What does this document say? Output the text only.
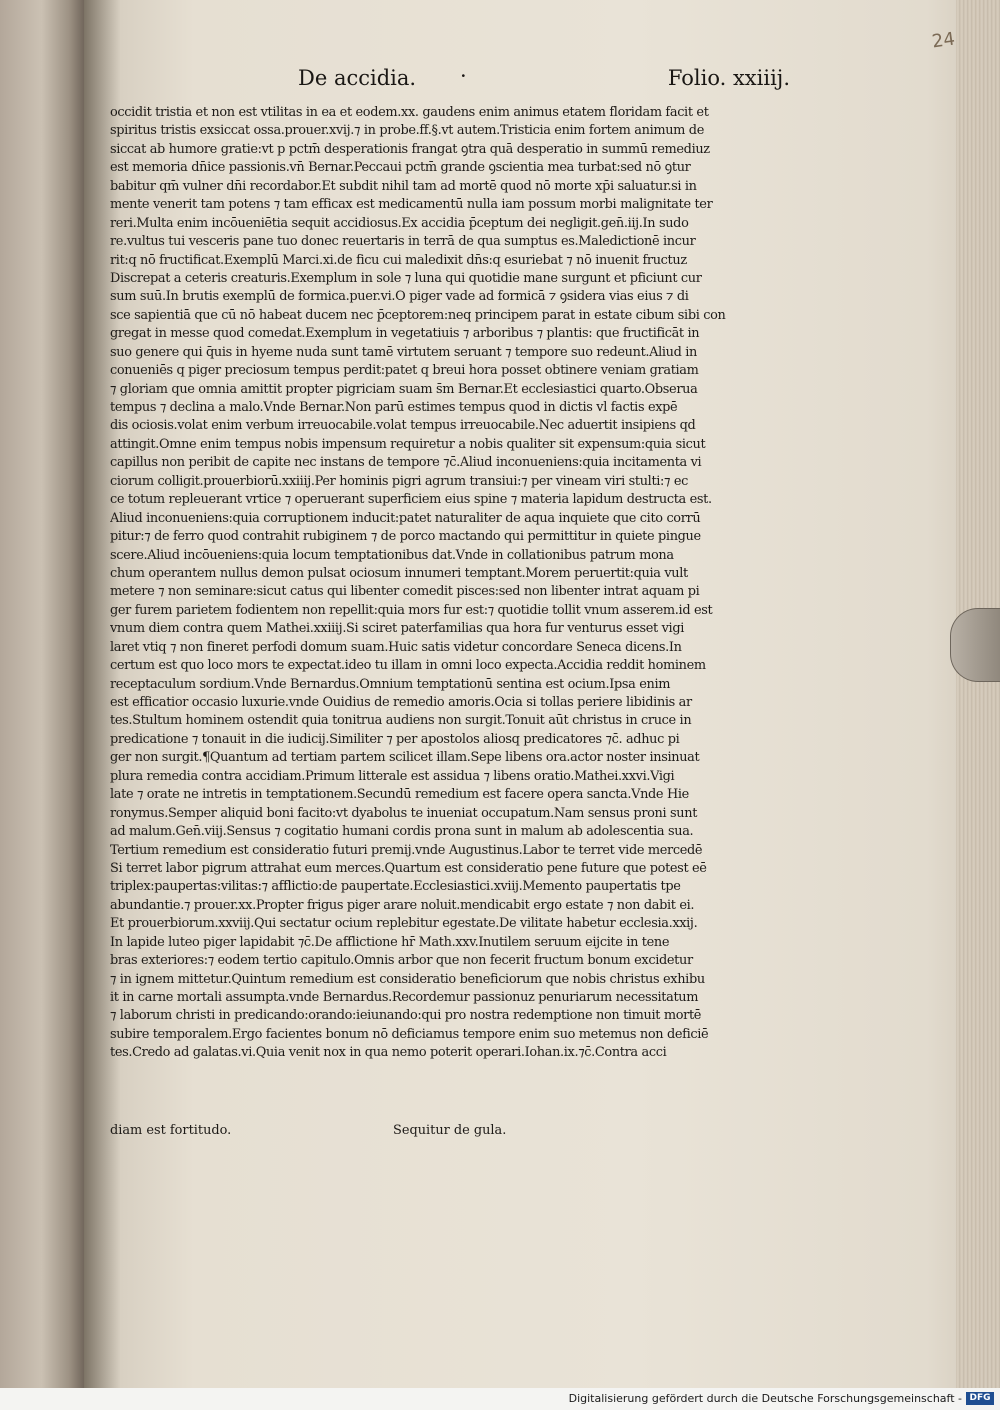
24
De accidia. ·	Folio. xxiiij.
occidit tristia et non est vtilitas in ea et eodem.xx. gaudens enim animus etatem floridam facit et
spiritus tristis exsiccat ossa.prouer.xvij.⁊ in probe.ff.§.vt autem.Tristicia enim fortem animum de
siccat ab humore gratie:vt p pctm̄ desperationis frangat ꝯtra quā desperatio in summū remediuz
est memoria dn̄ice passionis.vn̄ Bernar.Peccaui pctm̄ grande ꝯscientia mea turbat:sed nō ꝯtur
babitur qm̄ vulner dn̄i recordabor.Et subdit nihil tam ad mortē quod nō morte xp̄i saluatur.si in
mente venerit tam potens ⁊ tam efficax est medicamentū nulla iam possum morbi malignitate ter
reri.Multa enim incōueniētia sequit accidiosus.Ex accidia p̄ceptum dei negligit.gen̄.iij.In sudo
re.vultus tui vesceris pane tuo donec reuertaris in terrā de qua sumptus es.Maledictionē incur
rit:q nō fructificat.Exemplū Marci.xi.de ficu cui maledixit dn̄s:q esuriebat ⁊ nō inuenit fructuz
Discrepat a ceteris creaturis.Exemplum in sole ⁊ luna qui quotidie mane surgunt et pficiunt cur
sum suū.In brutis exemplū de formica.puer.vi.O piger vade ad formicā ⁊ ꝯsidera vias eius ⁊ di
sce sapientiā que cū nō habeat ducem nec p̄ceptorem:neq principem parat in estate cibum sibi con
gregat in messe quod comedat.Exemplum in vegetatiuis ⁊ arboribus ⁊ plantis: que fructificāt in
suo genere qui q̄uis in hyeme nuda sunt tamē virtutem seruant ⁊ tempore suo redeunt.Aliud in
conueniēs q piger preciosum tempus perdit:patet q breui hora posset obtinere veniam gratiam
⁊ gloriam que omnia amittit propter pigriciam suam s̄m Bernar.Et ecclesiastici quarto.Obserua
tempus ⁊ declina a malo.Vnde Bernar.Non parū estimes tempus quod in dictis vl factis expē
dis ociosis.volat enim verbum irreuocabile.volat tempus irreuocabile.Nec aduertit insipiens qd
attingit.Omne enim tempus nobis impensum requiretur a nobis qualiter sit expensum:quia sicut
capillus non peribit de capite nec instans de tempore ⁊c̄.Aliud inconueniens:quia incitamenta vi
ciorum colligit.prouerbiorū.xxiiij.Per hominis pigri agrum transiui:⁊ per vineam viri stulti:⁊ ec
ce totum repleuerant vrtice ⁊ operuerant superficiem eius spine ⁊ materia lapidum destructa est.
Aliud inconueniens:quia corruptionem inducit:patet naturaliter de aqua inquiete que cito corrū
pitur:⁊ de ferro quod contrahit rubiginem ⁊ de porco mactando qui permittitur in quiete pingue
scere.Aliud incōueniens:quia locum temptationibus dat.Vnde in collationibus patrum mona
chum operantem nullus demon pulsat ociosum innumeri temptant.Morem peruertit:quia vult
metere ⁊ non seminare:sicut catus qui libenter comedit pisces:sed non libenter intrat aquam pi
ger furem parietem fodientem non repellit:quia mors fur est:⁊ quotidie tollit vnum asserem.id est
vnum diem contra quem Mathei.xxiiij.Si sciret paterfamilias qua hora fur venturus esset vigi
laret vtiq ⁊ non fineret perfodi domum suam.Huic satis videtur concordare Seneca dicens.In
certum est quo loco mors te expectat.ideo tu illam in omni loco expecta.Accidia reddit hominem
receptaculum sordium.Vnde Bernardus.Omnium temptationū sentina est ocium.Ipsa enim
est efficatior occasio luxurie.vnde Ouidius de remedio amoris.Ocia si tollas periere libidinis ar
tes.Stultum hominem ostendit quia tonitrua audiens non surgit.Tonuit aūt christus in cruce in
predicatione ⁊ tonauit in die iudicij.Similiter ⁊ per apostolos aliosq predicatores ⁊c̄. adhuc pi
ger non surgit.¶Quantum ad tertiam partem scilicet illam.Sepe libens ora.actor noster insinuat
plura remedia contra accidiam.Primum litterale est assidua ⁊ libens oratio.Mathei.xxvi.Vigi
late ⁊ orate ne intretis in temptationem.Secundū remedium est facere opera sancta.Vnde Hie
ronymus.Semper aliquid boni facito:vt dyabolus te inueniat occupatum.Nam sensus proni sunt
ad malum.Gen̄.viij.Sensus ⁊ cogitatio humani cordis prona sunt in malum ab adolescentia sua.
Tertium remedium est consideratio futuri premij.vnde Augustinus.Labor te terret vide mercedē
Si terret labor pigrum attrahat eum merces.Quartum est consideratio pene future que potest eē
triplex:paupertas:vilitas:⁊ afflictio:de paupertate.Ecclesiastici.xviij.Memento paupertatis tpe
abundantie.⁊ prouer.xx.Propter frigus piger arare noluit.mendicabit ergo estate ⁊ non dabit ei.
Et prouerbiorum.xxviij.Qui sectatur ocium replebitur egestate.De vilitate habetur ecclesia.xxij.
In lapide luteo piger lapidabit ⁊c̄.De afflictione hr̄ Math.xxv.Inutilem seruum eijcite in tene
bras exteriores:⁊ eodem tertio capitulo.Omnis arbor que non fecerit fructum bonum excidetur
⁊ in ignem mittetur.Quintum remedium est consideratio beneficiorum que nobis christus exhibu
it in carne mortali assumpta.vnde Bernardus.Recordemur passionuz penuriarum necessitatum
⁊ laborum christi in predicando:orando:ieiunando:qui pro nostra redemptione non timuit mortē
subire temporalem.Ergo facientes bonum nō deficiamus tempore enim suo metemus non deficiē
tes.Credo ad galatas.vi.Quia venit nox in qua nemo poterit operari.Iohan.ix.⁊c̄.Contra acci
diam est fortitudo.	Sequitur de gula.
Digitalisierung gefördert durch die Deutsche Forschungsgemeinschaft - DFG
